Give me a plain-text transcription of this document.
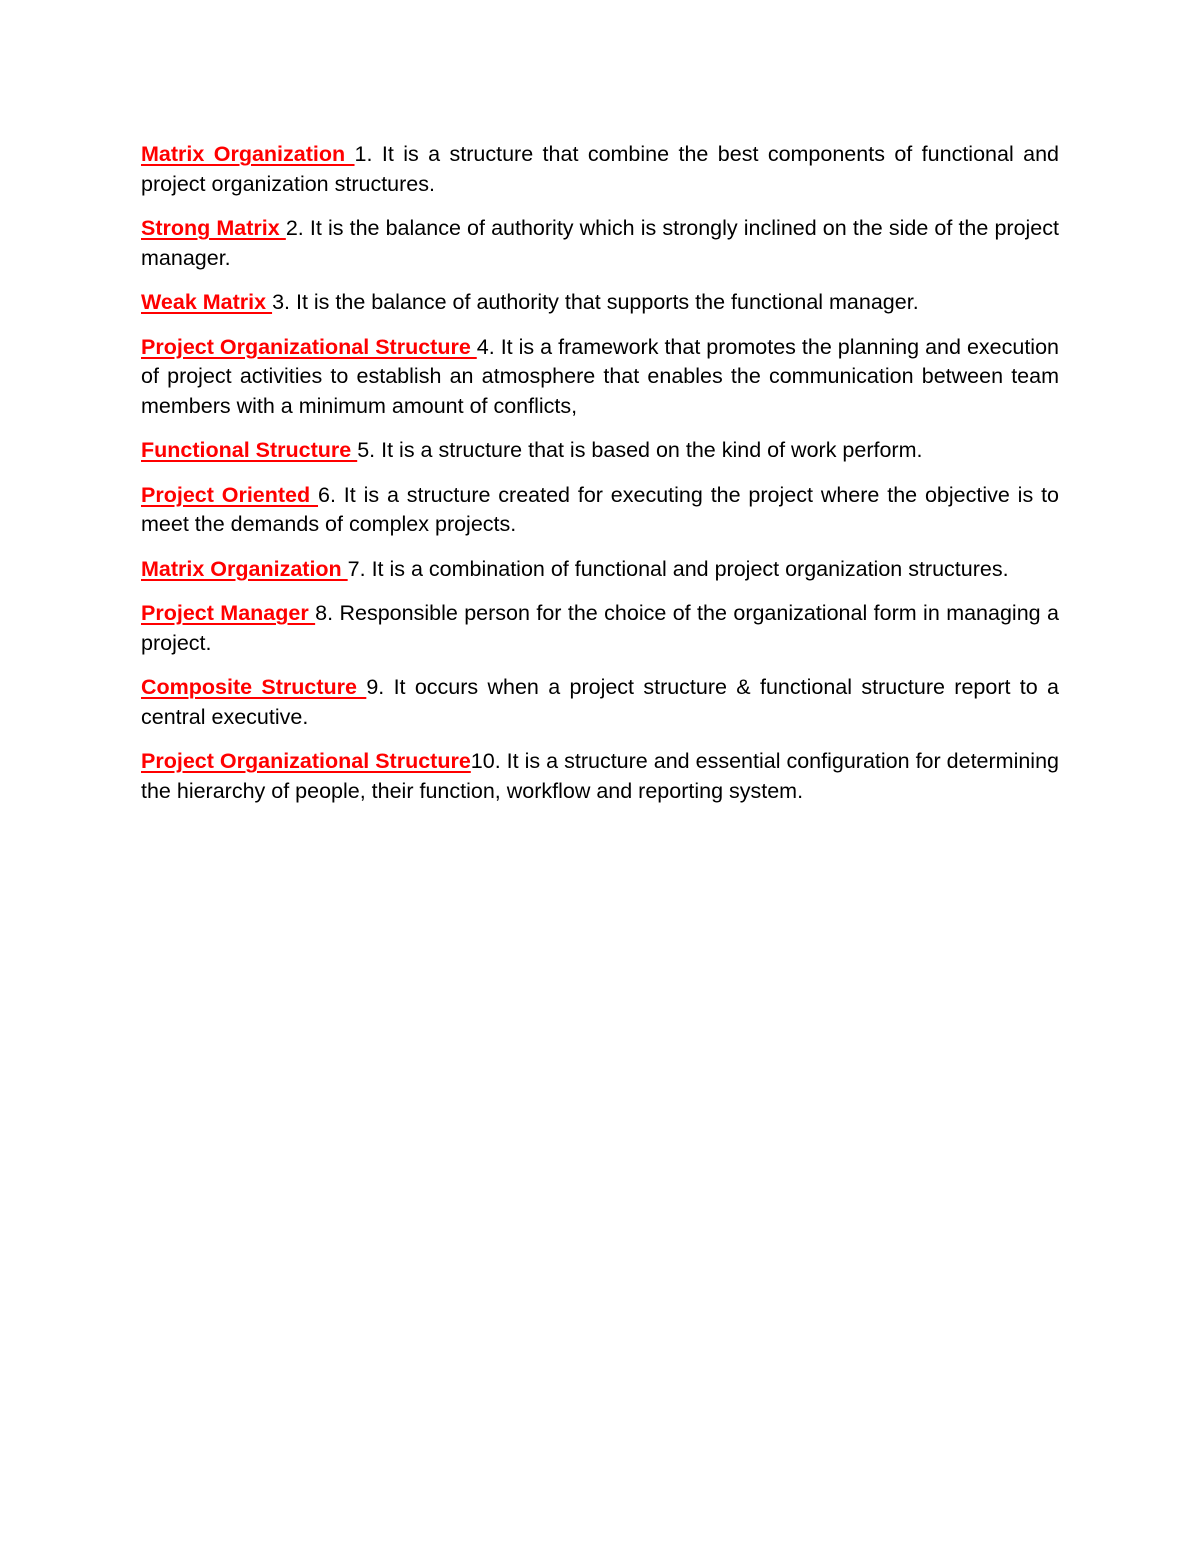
Matrix Organization 1. It is a structure that combine the best components of functional and project organization structures.

Strong Matrix 2. It is the balance of authority which is strongly inclined on the side of the project manager.

Weak Matrix 3. It is the balance of authority that supports the functional manager.

Project Organizational Structure 4. It is a framework that promotes the planning and execution of project activities to establish an atmosphere that enables the communication between team members with a minimum amount of conflicts,

Functional Structure 5. It is a structure that is based on the kind of work perform.

Project Oriented 6. It is a structure created for executing the project where the objective is to meet the demands of complex projects.

Matrix Organization 7. It is a combination of functional and project organization structures.

Project Manager 8. Responsible person for the choice of the organizational form in managing a project.

Composite Structure 9. It occurs when a project structure & functional structure report to a central executive.

Project Organizational Structure10. It is a structure and essential configuration for determining the hierarchy of people, their function, workflow and reporting system.
